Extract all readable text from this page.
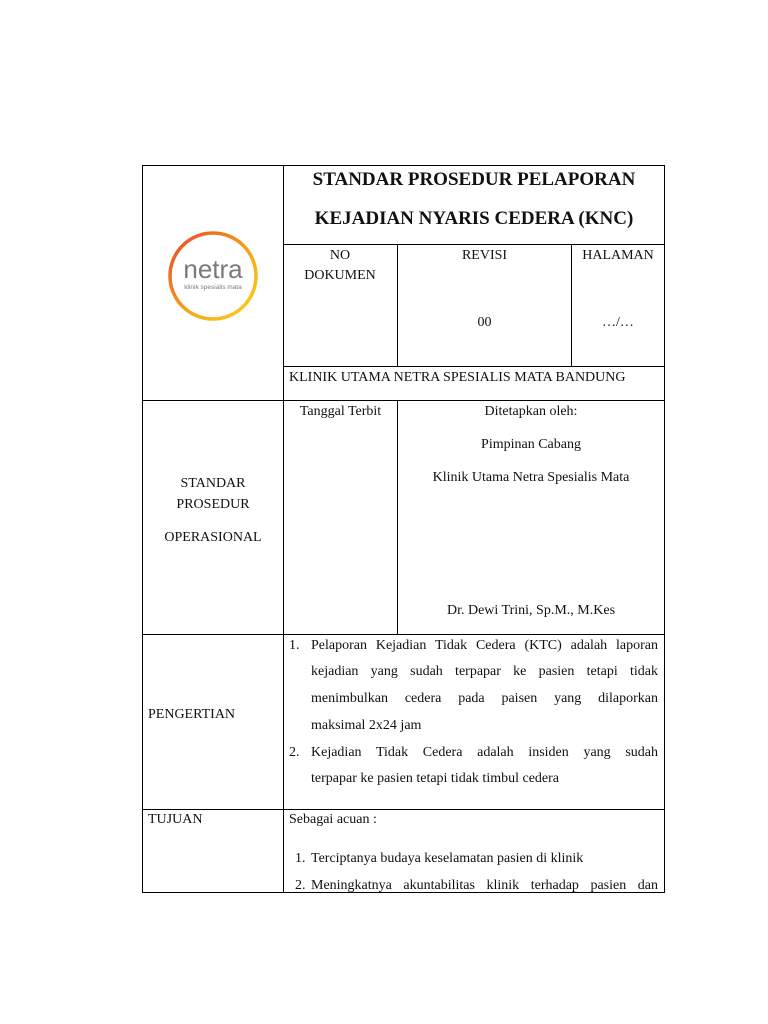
netra
klinik spesialis mata
STANDAR PROSEDUR PELAPORAN
KEJADIAN NYARIS CEDERA (KNC)
NO
DOKUMEN
REVISI
00
HALAMAN
…/…
KLINIK UTAMA NETRA SPESIALIS MATA BANDUNG
STANDAR
PROSEDUR
OPERASIONAL
Tanggal Terbit	Ditetapkan oleh:
Pimpinan Cabang
Klinik Utama Netra Spesialis Mata
Dr. Dewi Trini, Sp.M., M.Kes
PENGERTIAN
1. Pelaporan Kejadian Tidak Cedera (KTC) adalah laporan
kejadian yang sudah terpapar ke pasien tetapi tidak
menimbulkan cedera pada paisen yang dilaporkan
maksimal 2x24 jam
2. Kejadian Tidak Cedera adalah insiden yang sudah
terpapar ke pasien tetapi tidak timbul cedera
TUJUAN	Sebagai acuan :
1. Terciptanya budaya keselamatan pasien di klinik
2. Meningkatnya akuntabilitas klinik terhadap pasien dan
